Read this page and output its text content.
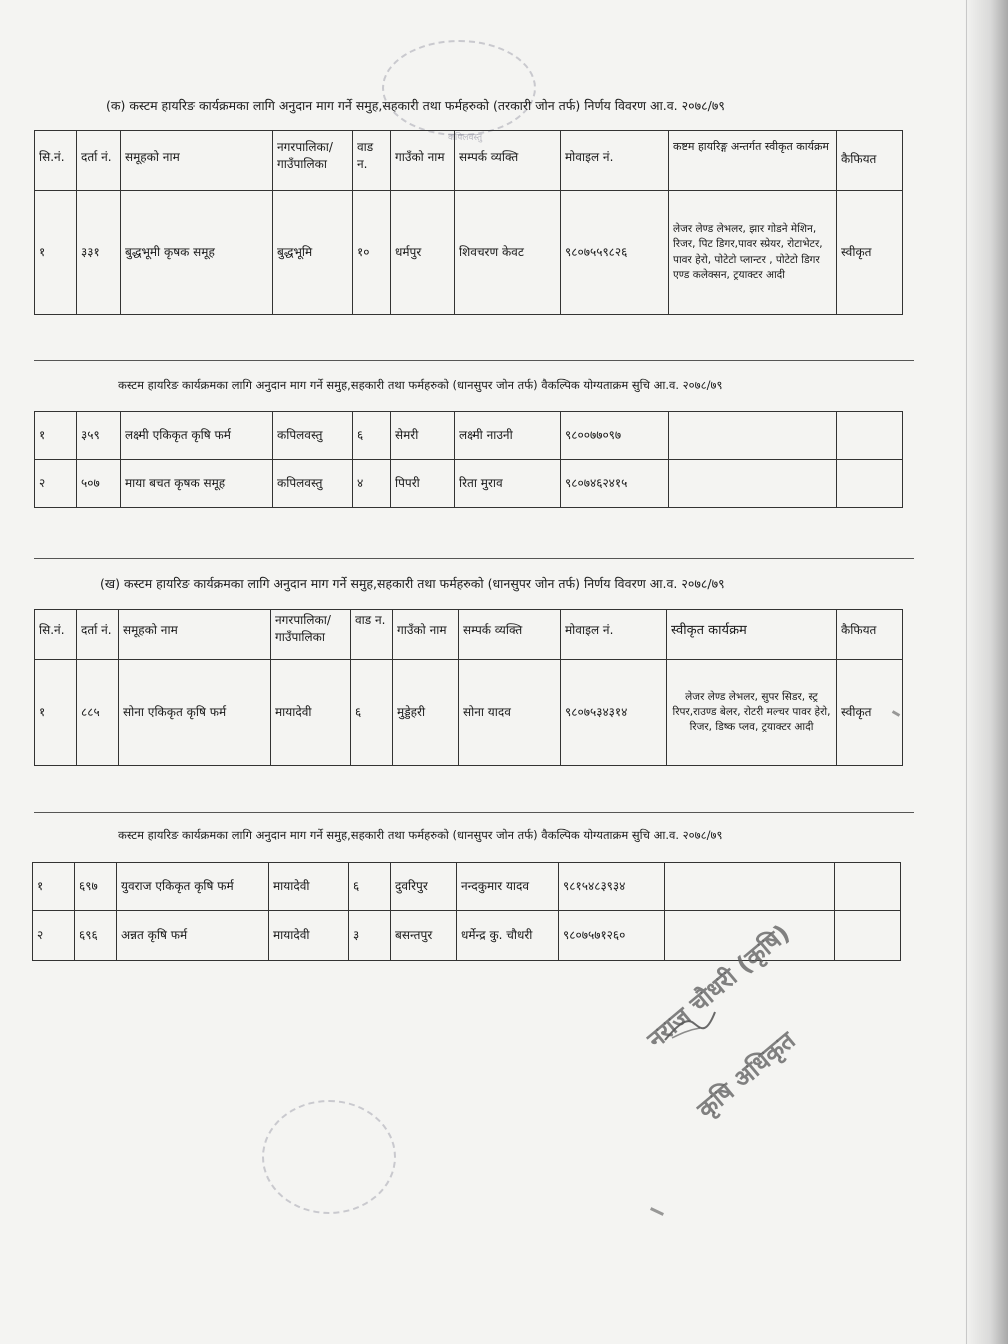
कपिलवस्तु
(क) कस्टम हायरिङ कार्यक्रमका लागि अनुदान माग गर्ने समुह,सहकारी तथा फर्महरुको (तरकारी जोन तर्फ) निर्णय विवरण आ.व. २०७८/७९
सि.नं.	दर्ता नं.	समूहको नाम	नगरपालिका/ गाउँपालिका	वाड न.	गाउँको नाम	सम्पर्क व्यक्ति	मोवाइल नं.	कष्टम हायरिङ्ग अन्तर्गत स्वीकृत कार्यक्रम	कैफियत
१	३३१	बुद्धभूमी कृषक समूह	बुद्धभूमि	१०	धर्मपुर	शिवचरण केवट	९८०७५५९८२६	लेजर लेण्ड लेभलर, झार गोडने मेशिन, रिजर, पिट डिगर,पावर स्प्रेयर, रोटाभेटर, पावर हेरो, पोटेटो प्लान्टर , पोटेटो डिगर एण्ड कलेक्सन, ट्रयाक्टर आदी	स्वीकृत
कस्टम हायरिङ कार्यक्रमका लागि अनुदान माग गर्ने समुह,सहकारी तथा फर्महरुको (धानसुपर जोन तर्फ) वैकल्पिक योग्यताक्रम सुचि आ.व. २०७८/७९
१	३५९	लक्ष्मी एकिकृत कृषि फर्म	कपिलवस्तु	६	सेमरी	लक्ष्मी नाउनी	९८००७७०९७		
२	५०७	माया बचत कृषक समूह	कपिलवस्तु	४	पिपरी	रिता मुराव	९८०७४६२४१५		
(ख) कस्टम हायरिङ कार्यक्रमका लागि अनुदान माग गर्ने समुह,सहकारी तथा फर्महरुको (धानसुपर जोन तर्फ) निर्णय विवरण आ.व. २०७८/७९
सि.नं.	दर्ता नं.	समूहको नाम	नगरपालिका/ गाउँपालिका	वाड न.	गाउँको नाम	सम्पर्क व्यक्ति	मोवाइल नं.	स्वीकृत कार्यक्रम	कैफियत
१	८८५	सोना एकिकृत कृषि फर्म	मायादेवी	६	मुड्डेहरी	सोना यादव	९८०७५३४३१४	लेजर लेण्ड लेभलर, सुपर सिडर, स्ट्र रिपर,राउण्ड बेलर, रोटरी मल्चर पावर हेरो, रिजर, डिष्क प्लव, ट्रयाक्टर आदी	स्वीकृत
कस्टम हायरिङ कार्यक्रमका लागि अनुदान माग गर्ने समुह,सहकारी तथा फर्महरुको (धानसुपर जोन तर्फ) वैकल्पिक योग्यताक्रम सुचि आ.व. २०७८/७९
१	६९७	युवराज एकिकृत कृषि फर्म	मायादेवी	६	दुवरिपुर	नन्दकुमार यादव	९८१५४८३९३४		
२	६९६	अन्नत कृषि फर्म	मायादेवी	३	बसन्तपुर	धर्मेन्द्र कु. चौधरी	९८०७५७१२६०		नराज चौधरी (कृषि)
कृषि अधिकृत
